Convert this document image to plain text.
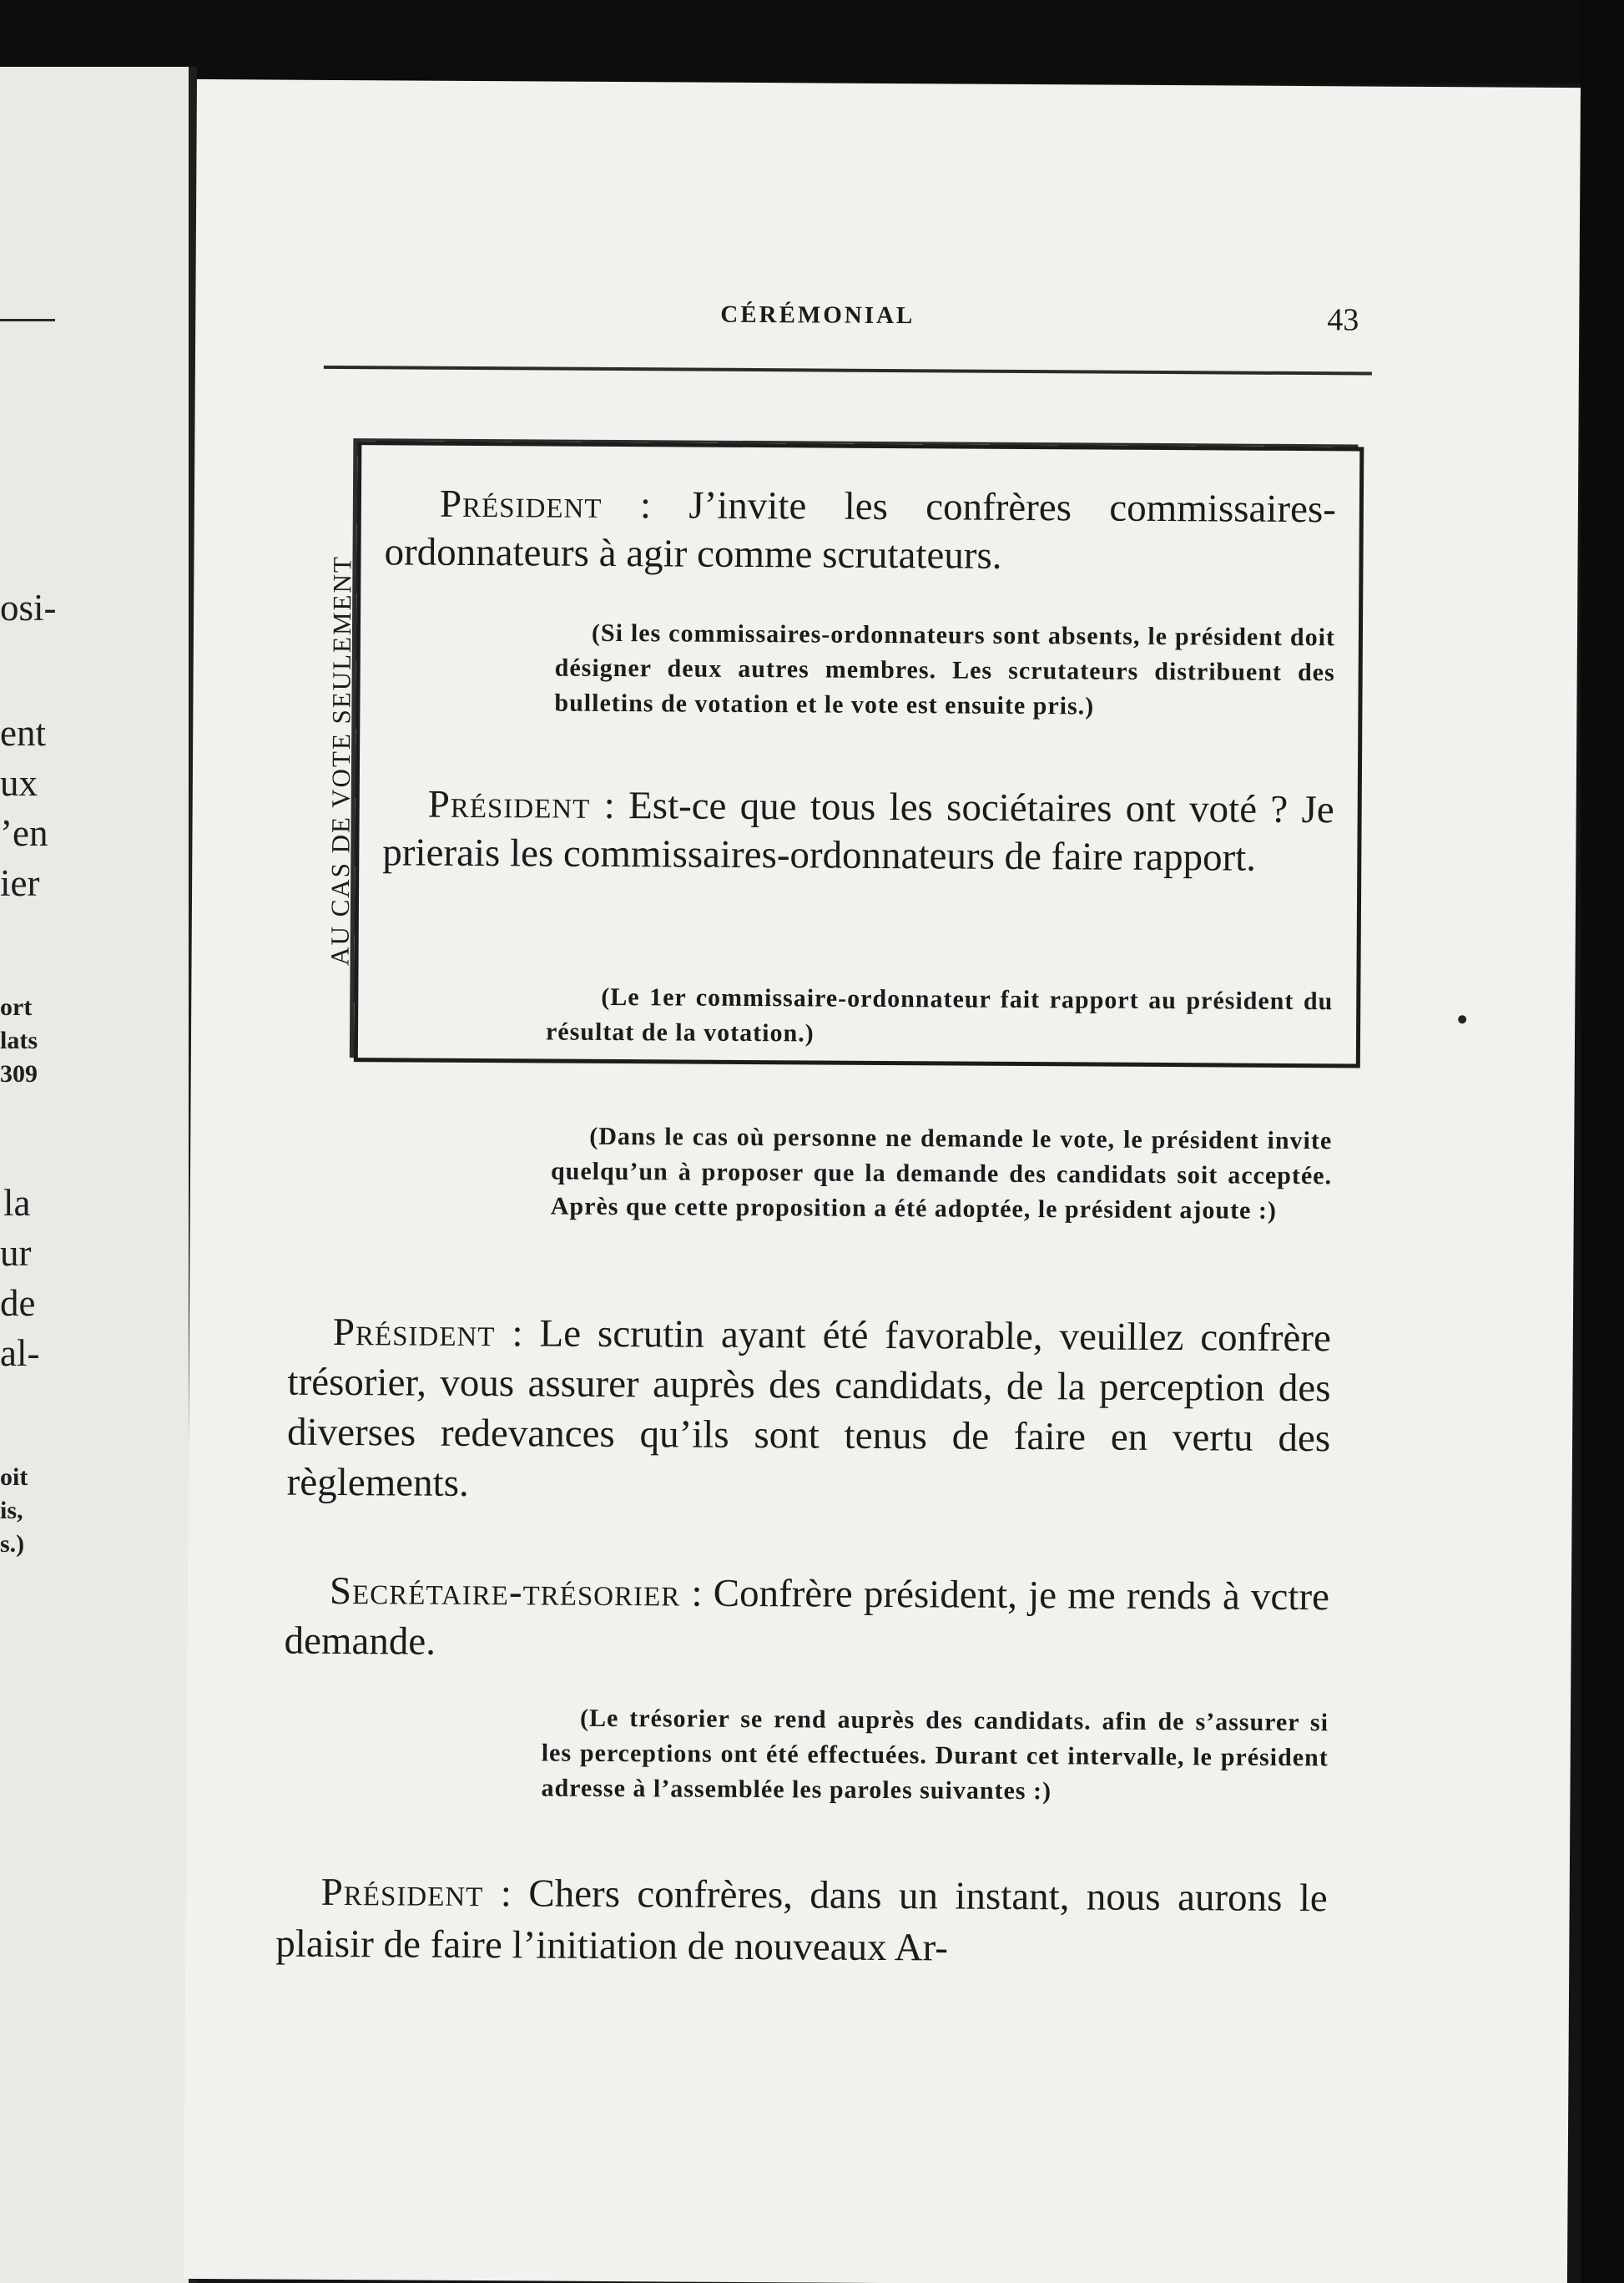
osi-
ent
ux
’en
ier
ort
lats
309
la
ur
de
al-
oit
is,
s.)
CÉRÉMONIAL	43
AU CAS DE VOTE SEULEMENT

Président : J’invite les confrères commissaires-ordonnateurs à agir comme scrutateurs.

(Si les commissaires-ordonnateurs sont absents, le président doit désigner deux autres membres. Les scrutateurs distribuent des bulletins de votation et le vote est ensuite pris.)

Président : Est-ce que tous les sociétaires ont voté ? Je prierais les commissaires-ordonnateurs de faire rapport.

(Le 1er commissaire-ordonnateur fait rapport au président du résultat de la votation.)

(Dans le cas où personne ne demande le vote, le président invite quelqu’un à proposer que la demande des candidats soit acceptée. Après que cette proposition a été adoptée, le président ajoute :)

Président : Le scrutin ayant été favorable, veuillez confrère trésorier, vous assurer auprès des candidats, de la perception des diverses redevances qu’ils sont tenus de faire en vertu des règlements.

Secrétaire-trésorier : Confrère président, je me rends à vctre demande.

(Le trésorier se rend auprès des candidats. afin de s’assurer si les perceptions ont été effectuées. Durant cet intervalle, le président adresse à l’assemblée les paroles suivantes :)

Président : Chers confrères, dans un instant, nous aurons le plaisir de faire l’initiation de nouveaux Ar-
